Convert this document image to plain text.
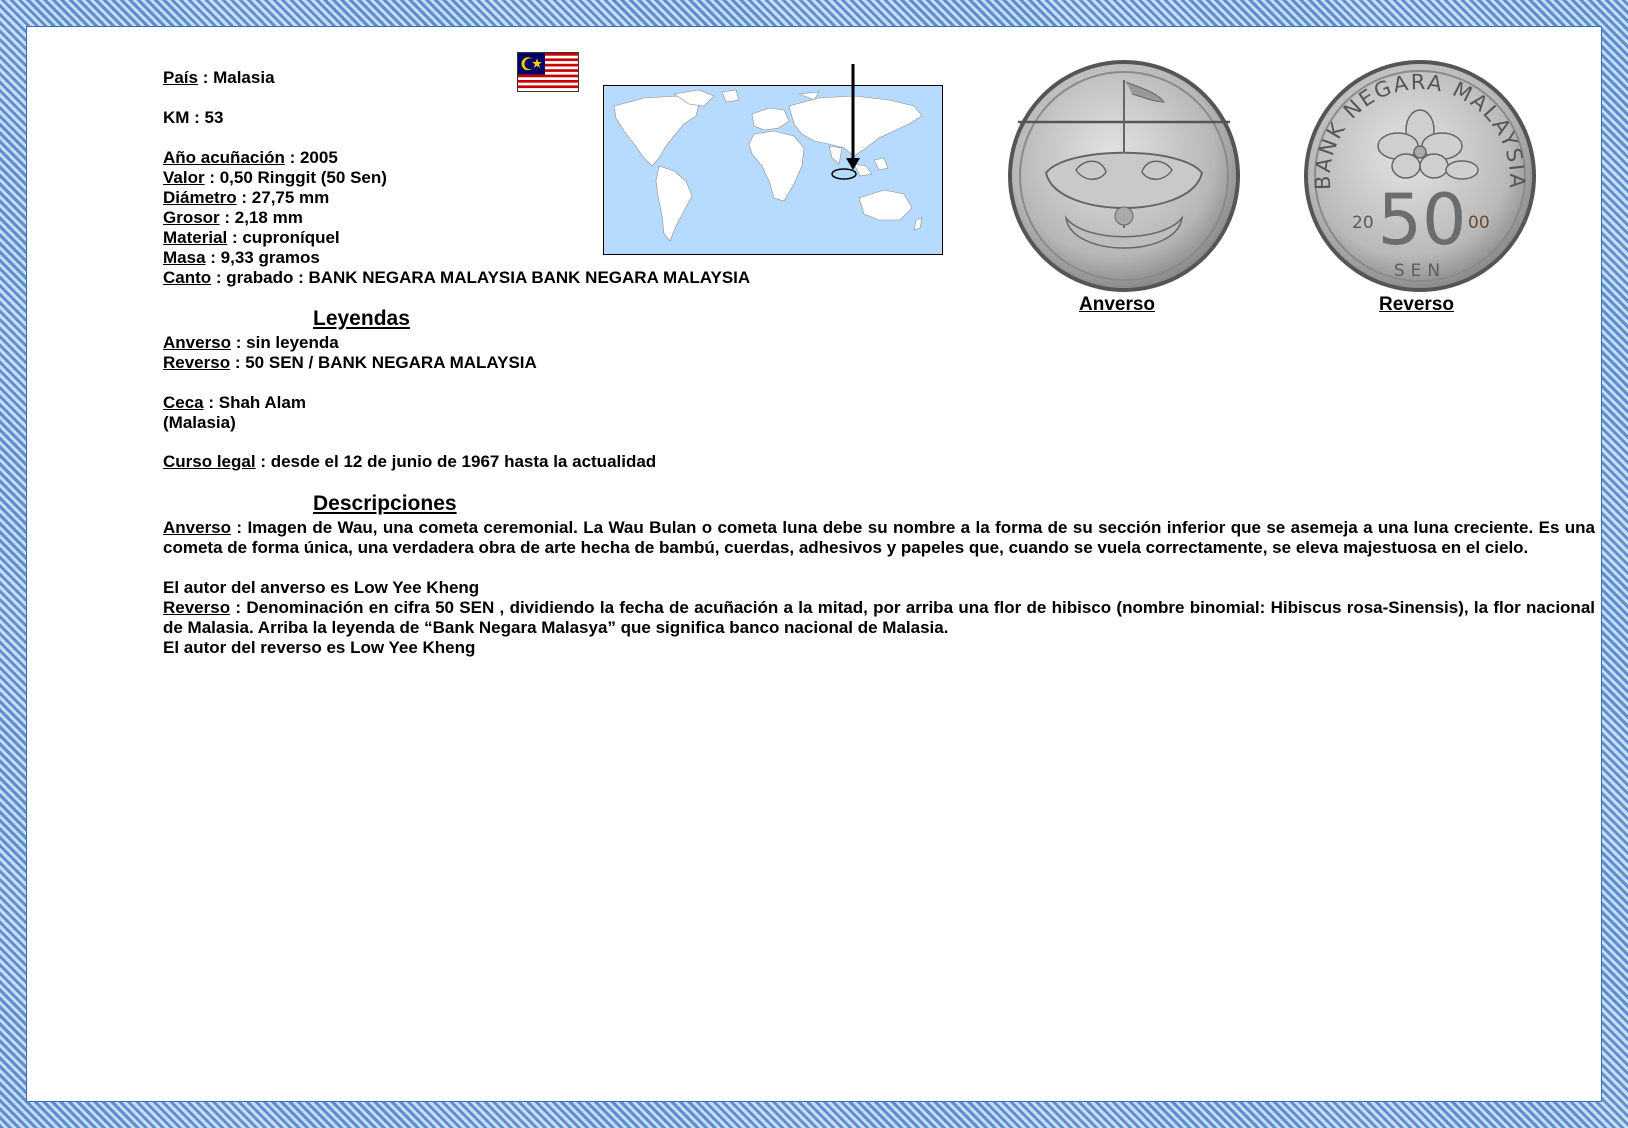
País : Malasia
KM : 53
Año acuñación : 2005
Valor : 0,50 Ringgit (50 Sen)
Diámetro : 27,75 mm
Grosor : 2,18 mm
Material : cuproníquel
Masa : 9,33 gramos
Canto : grabado : BANK NEGARA MALAYSIA BANK NEGARA MALAYSIA
Leyendas
Anverso : sin leyenda
Reverso : 50 SEN / BANK NEGARA MALAYSIA
Ceca : Shah Alam
(Malasia)
Curso legal : desde el 12 de junio de 1967 hasta la actualidad
Descripciones
Anverso : Imagen de Wau, una cometa ceremonial. La Wau Bulan o cometa luna debe su nombre a la forma de su sección inferior que se asemeja a una luna creciente. Es una cometa de forma única, una verdadera obra de arte hecha de bambú, cuerdas, adhesivos y papeles que, cuando se vuela correctamente, se eleva majestuosa en el cielo.
El autor del anverso es Low Yee Kheng
Reverso : Denominación en cifra 50 SEN , dividiendo la fecha de acuñación a la mitad, por arriba una flor de hibisco (nombre binomial: Hibiscus rosa-Sinensis), la flor nacional de Malasia. Arriba la leyenda de “Bank Negara Malasya” que significa banco nacional de Malasia.
El autor del reverso es Low Yee Kheng
Anverso
BANK NEGARA MALAYSIA
50
20	00
SEN
Reverso
